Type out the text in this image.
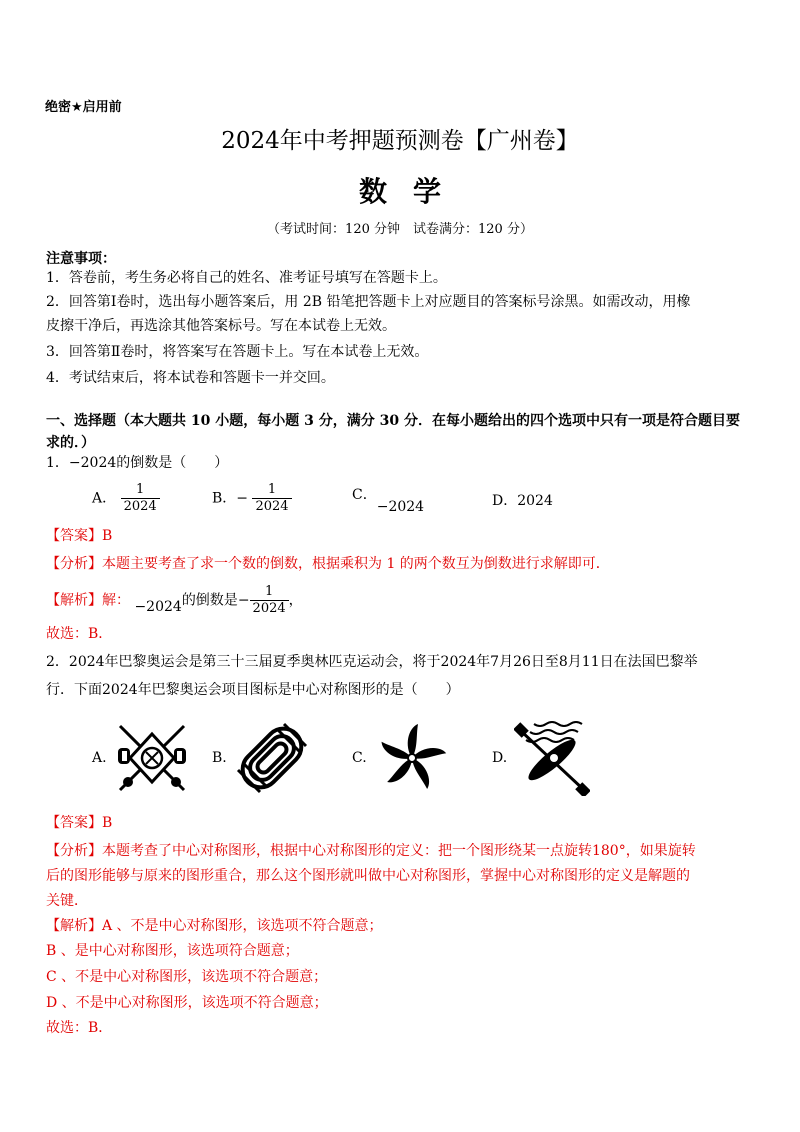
绝密★启用前
2024年中考押题预测卷【广州卷】
数学
（考试时间：120 分钟　试卷满分：120 分）
注意事项：
1．答卷前，考生务必将自己的姓名、准考证号填写在答题卡上。
2．回答第Ⅰ卷时，选出每小题答案后，用 2B 铅笔把答题卡上对应题目的答案标号涂黑。如需改动，用橡
皮擦干净后，再选涂其他答案标号。写在本试卷上无效。
3．回答第Ⅱ卷时，将答案写在答题卡上。写在本试卷上无效。
4．考试结束后，将本试卷和答题卡一并交回。
一、选择题（本大题共 10 小题，每小题 3 分，满分 30 分．在每小题给出的四个选项中只有一项是符合题目要求的．）
1．−2024的倒数是（　　）
A． $\frac{1}{2024}$	B．− $\frac{1}{2024}$	C．−2024	D．2024
【答案】B
【分析】本题主要考查了求一个数的倒数，根据乘积为 1 的两个数互为倒数进行求解即可．
【解析】解： −2024的倒数是− $\frac{1}{2024}$ ，
故选：B．
2．2024年巴黎奥运会是第三十三届夏季奥林匹克运动会，将于2024年7月26日至8月11日在法国巴黎举
行．下面2024年巴黎奥运会项目图标是中心对称图形的是（　　）
A.	B.	C.	D.
【答案】B
【分析】本题考查了中心对称图形，根据中心对称图形的定义：把一个图形绕某一点旋转180°，如果旋转
后的图形能够与原来的图形重合，那么这个图形就叫做中心对称图形，掌握中心对称图形的定义是解题的
关键．
【解析】A 、不是中心对称图形，该选项不符合题意；
B 、是中心对称图形，该选项符合题意；
C 、不是中心对称图形，该选项不符合题意；
D 、不是中心对称图形，该选项不符合题意；
故选：B．
